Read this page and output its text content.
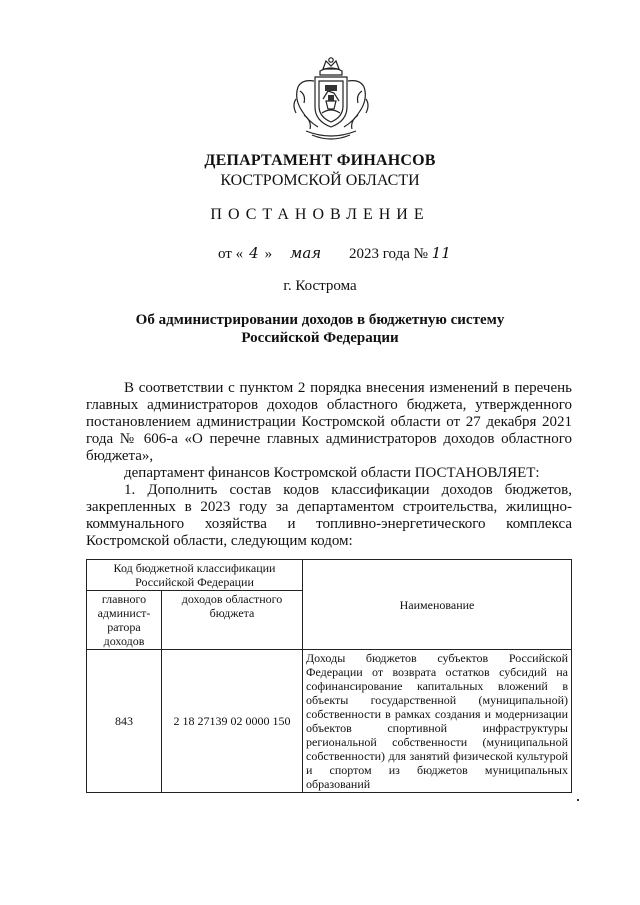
ДЕПАРТАМЕНТ ФИНАНСОВ
КОСТРОМСКОЙ ОБЛАСТИ
ПОСТАНОВЛЕНИЕ
от « 4 » мая 2023 года № 11
г. Кострома
Об администрировании доходов в бюджетную систему
Российской Федерации
В соответствии с пунктом 2 порядка внесения изменений в перечень главных администраторов доходов областного бюджета, утвержденного постановлением администрации Костромской области от 27 декабря 2021 года № 606-а «О перечне главных администраторов доходов областного бюджета»,
департамент финансов Костромской области ПОСТАНОВЛЯЕТ:
1. Дополнить состав кодов классификации доходов бюджетов, закрепленных в 2023 году за департаментом строительства, жилищно-коммунального хозяйства и топливно-энергетического комплекса Костромской области, следующим кодом:
Код бюджетной классификации Российской Федерации		Наименование
главного админист-ратора доходов	доходов областного бюджета	
843	2 18 27139 02 0000 150	Доходы бюджетов субъектов Российской Федерации от возврата остатков субсидий на софинансирование капитальных вложений в объекты государственной (муниципальной) собственности в рамках создания и модернизации объектов спортивной инфраструктуры региональной собственности (муниципальной собственности) для занятий физической культурой и спортом из бюджетов муниципальных образований
